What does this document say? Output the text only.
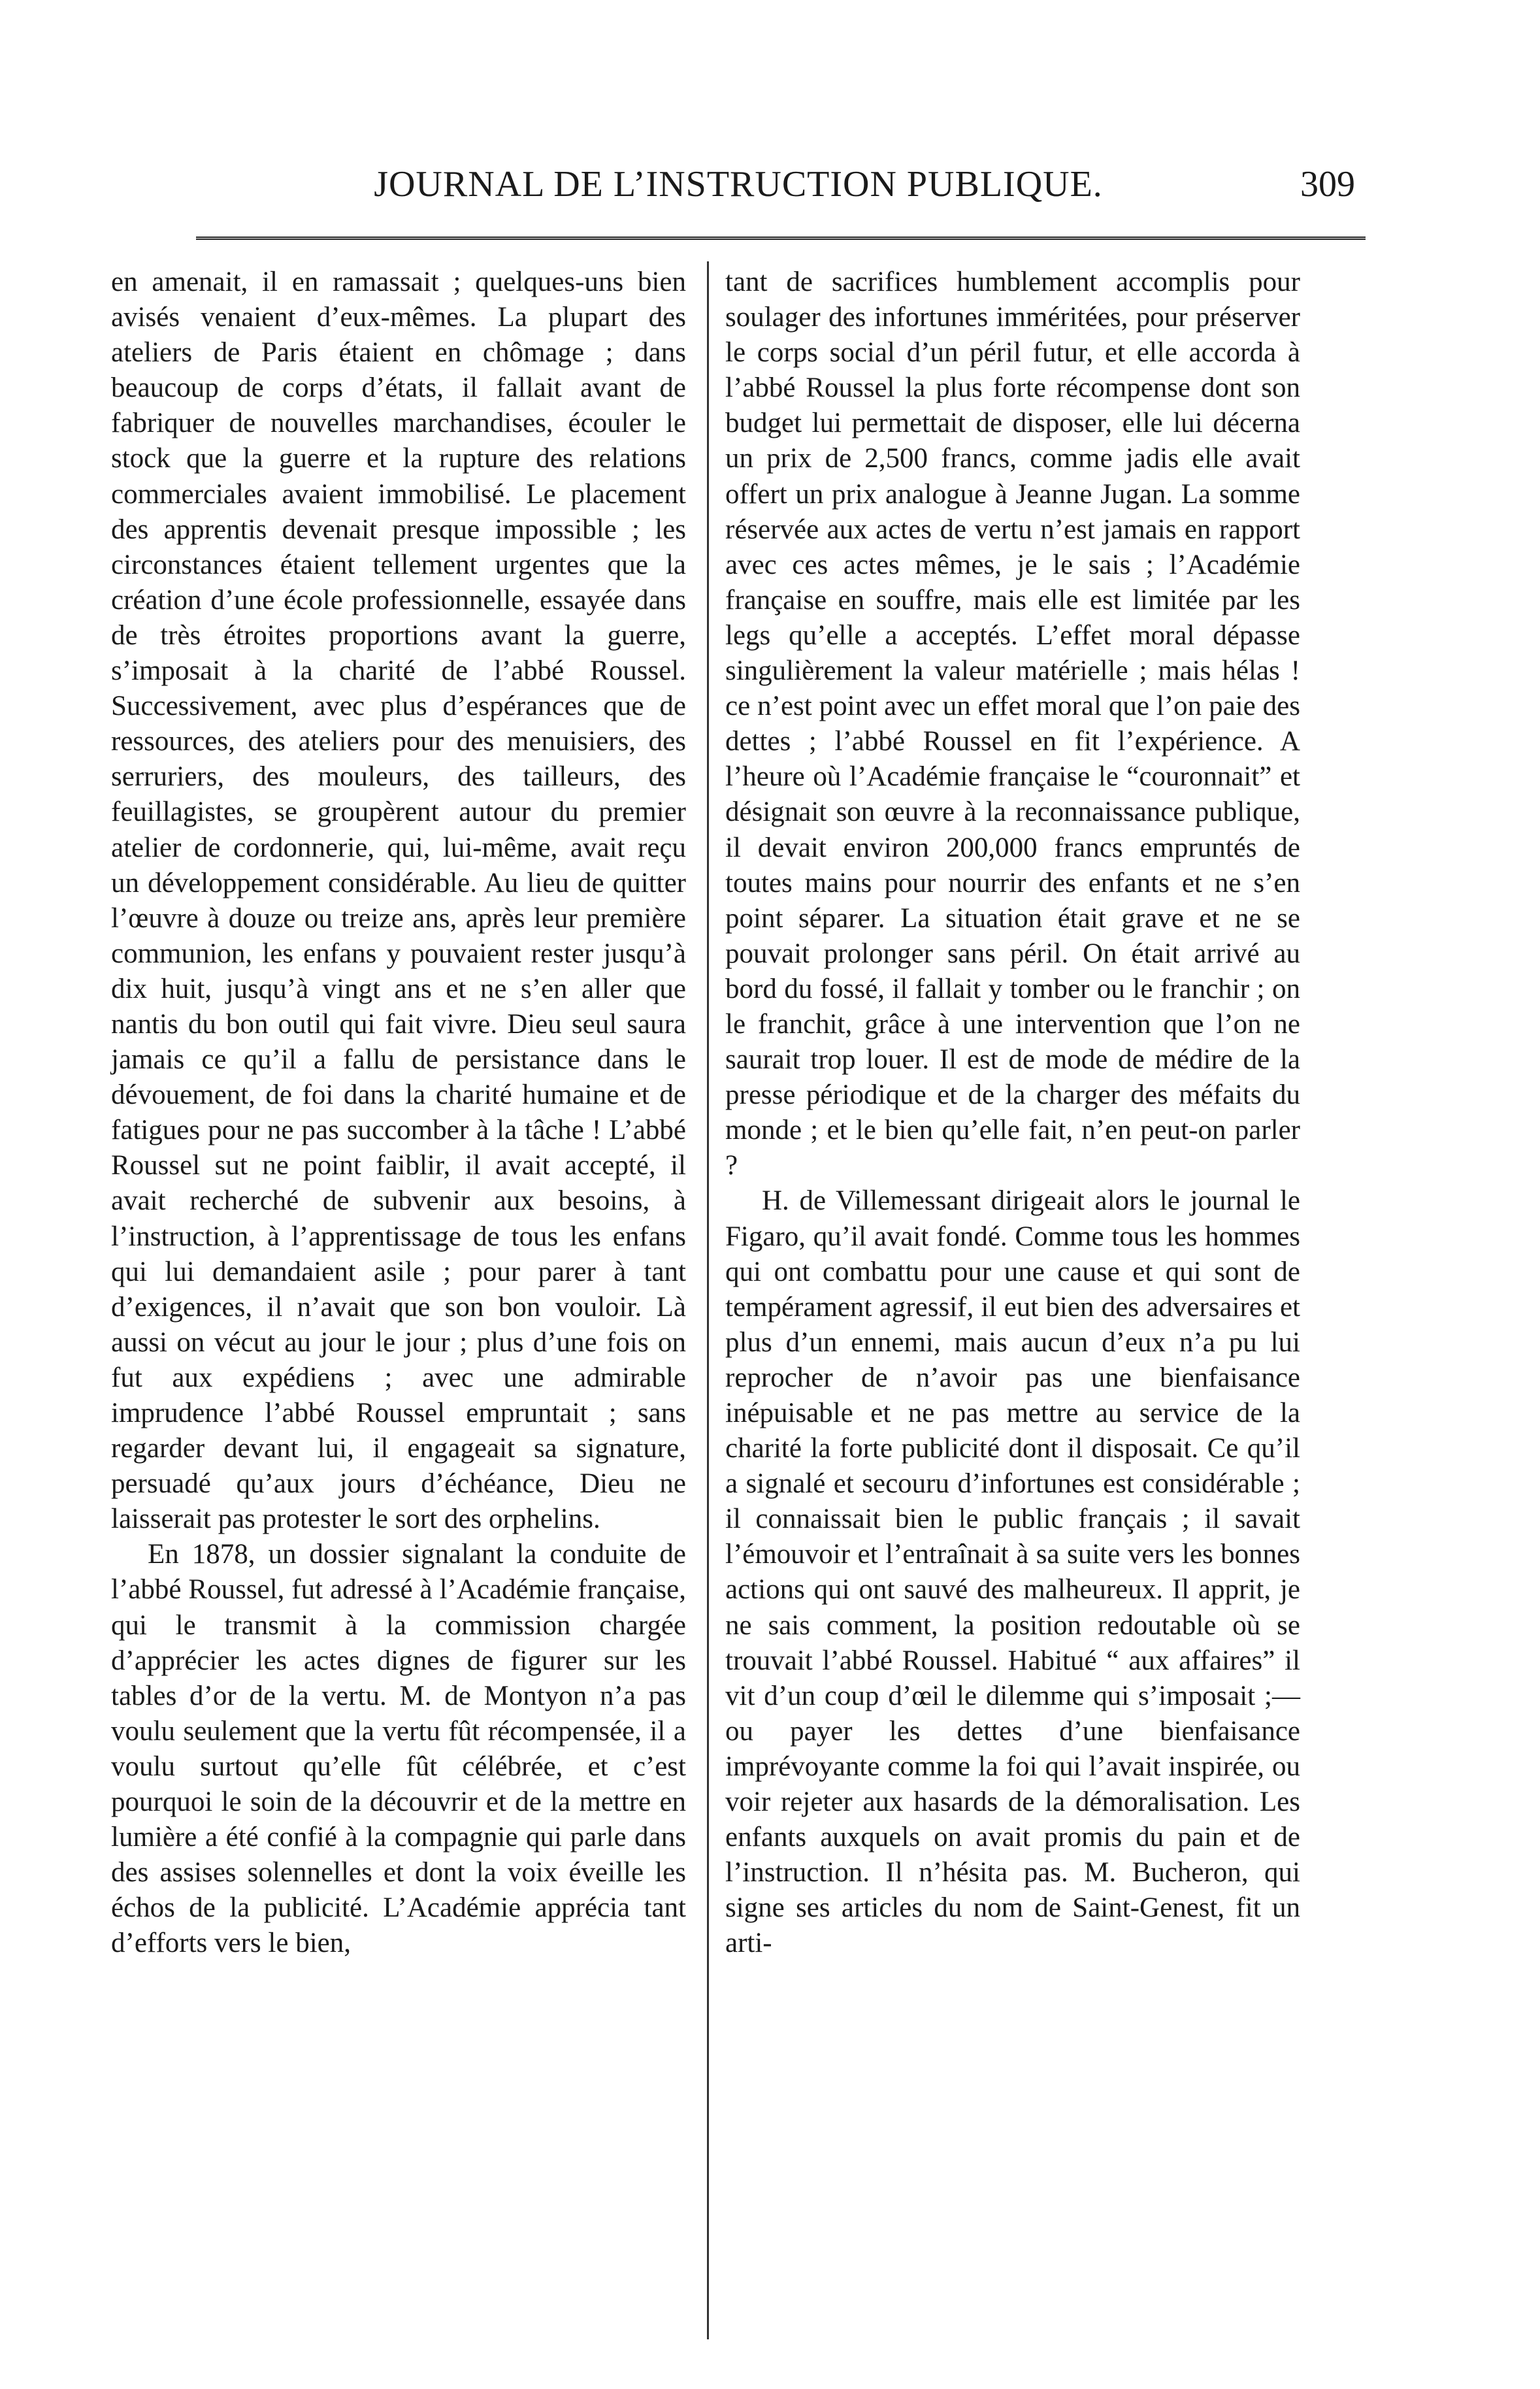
JOURNAL DE L’INSTRUCTION PUBLIQUE.	309

en amenait, il en ramassait ; quelques-uns bien avisés venaient d’eux-mêmes. La plupart des ateliers de Paris étaient en chômage ; dans beaucoup de corps d’états, il fallait avant de fabriquer de nouvelles marchandises, écouler le stock que la guerre et la rupture des relations commerciales avaient immobilisé. Le placement des apprentis devenait presque impossible ; les circonstances étaient tellement urgentes que la création d’une école professionnelle, essayée dans de très étroites proportions avant la guerre, s’imposait à la charité de l’abbé Roussel. Successivement, avec plus d’espérances que de ressources, des ateliers pour des menuisiers, des serruriers, des mouleurs, des tailleurs, des feuillagistes, se groupèrent autour du premier atelier de cordonnerie, qui, lui-même, avait reçu un développement considérable. Au lieu de quitter l’œuvre à douze ou treize ans, après leur première communion, les enfans y pouvaient rester jusqu’à dix huit, jusqu’à vingt ans et ne s’en aller que nantis du bon outil qui fait vivre. Dieu seul saura jamais ce qu’il a fallu de persistance dans le dévouement, de foi dans la charité humaine et de fatigues pour ne pas succomber à la tâche ! L’abbé Roussel sut ne point faiblir, il avait accepté, il avait recherché de subvenir aux besoins, à l’instruction, à l’apprentissage de tous les enfans qui lui demandaient asile ; pour parer à tant d’exigences, il n’avait que son bon vouloir. Là aussi on vécut au jour le jour ; plus d’une fois on fut aux expédiens ; avec une admirable imprudence l’abbé Roussel empruntait ; sans regarder devant lui, il engageait sa signature, persuadé qu’aux jours d’échéance, Dieu ne laisserait pas protester le sort des orphelins.

En 1878, un dossier signalant la conduite de l’abbé Roussel, fut adressé à l’Académie française, qui le transmit à la commission chargée d’apprécier les actes dignes de figurer sur les tables d’or de la vertu. M. de Montyon n’a pas voulu seulement que la vertu fût récompensée, il a voulu surtout qu’elle fût célébrée, et c’est pourquoi le soin de la découvrir et de la mettre en lumière a été confié à la compagnie qui parle dans des assises solennelles et dont la voix éveille les échos de la publicité. L’Académie apprécia tant d’efforts vers le bien,

tant de sacrifices humblement accomplis pour soulager des infortunes imméritées, pour préserver le corps social d’un péril futur, et elle accorda à l’abbé Roussel la plus forte récompense dont son budget lui permettait de disposer, elle lui décerna un prix de 2,500 francs, comme jadis elle avait offert un prix analogue à Jeanne Jugan. La somme réservée aux actes de vertu n’est jamais en rapport avec ces actes mêmes, je le sais ; l’Académie française en souffre, mais elle est limitée par les legs qu’elle a acceptés. L’effet moral dépasse singulièrement la valeur matérielle ; mais hélas ! ce n’est point avec un effet moral que l’on paie des dettes ; l’abbé Roussel en fit l’expérience. A l’heure où l’Académie française le “couronnait” et désignait son œuvre à la reconnaissance publique, il devait environ 200,000 francs empruntés de toutes mains pour nourrir des enfants et ne s’en point séparer. La situation était grave et ne se pouvait prolonger sans péril. On était arrivé au bord du fossé, il fallait y tomber ou le franchir ; on le franchit, grâce à une intervention que l’on ne saurait trop louer. Il est de mode de médire de la presse périodique et de la charger des méfaits du monde ; et le bien qu’elle fait, n’en peut-on parler ?

H. de Villemessant dirigeait alors le journal le Figaro, qu’il avait fondé. Comme tous les hommes qui ont combattu pour une cause et qui sont de tempérament agressif, il eut bien des adversaires et plus d’un ennemi, mais aucun d’eux n’a pu lui reprocher de n’avoir pas une bienfaisance inépuisable et ne pas mettre au service de la charité la forte publicité dont il disposait. Ce qu’il a signalé et secouru d’infortunes est considérable ; il connaissait bien le public français ; il savait l’émouvoir et l’entraînait à sa suite vers les bonnes actions qui ont sauvé des malheureux. Il apprit, je ne sais comment, la position redoutable où se trouvait l’abbé Roussel. Habitué “ aux affaires” il vit d’un coup d’œil le dilemme qui s’imposait ;—ou payer les dettes d’une bienfaisance imprévoyante comme la foi qui l’avait inspirée, ou voir rejeter aux hasards de la démoralisation. Les enfants auxquels on avait promis du pain et de l’instruction. Il n’hésita pas. M. Bucheron, qui signe ses articles du nom de Saint-Genest, fit un arti-
